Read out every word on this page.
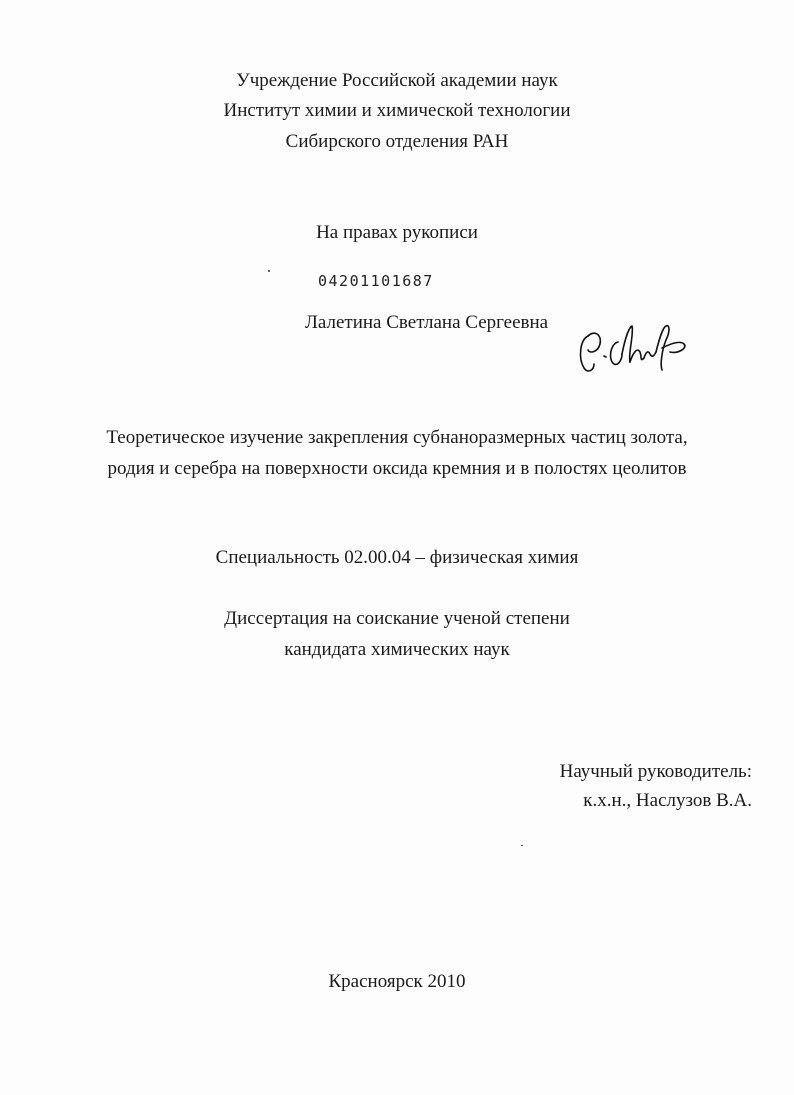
Учреждение Российской академии наук
Институт химии и химической технологии
Сибирского отделения РАН
На правах рукописи
04201101687
Лалетина Светлана Сергеевна
Теоретическое изучение закрепления субнаноразмерных частиц золота,
родия и серебра на поверхности оксида кремния и в полостях цеолитов
Специальность 02.00.04 – физическая химия
Диссертация на соискание ученой степени
кандидата химических наук
Научный руководитель:
к.х.н., Наслузов В.А.
Красноярск 2010
